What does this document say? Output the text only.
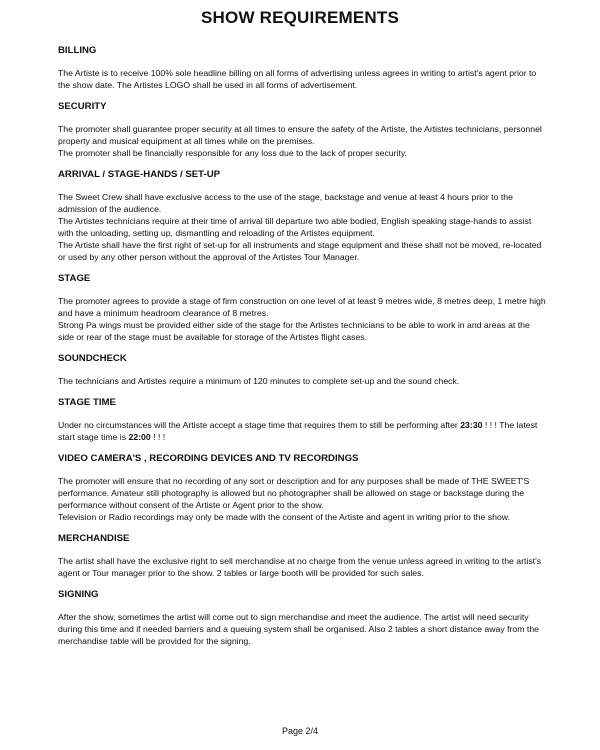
SHOW REQUIREMENTS
BILLING

The Artiste is to receive 100% sole headline billing on all forms of advertising unless agrees in writing to artist's agent prior to the show date. The Artistes LOGO shall be used in all forms of advertisement.

SECURITY

The promoter shall guarantee proper security at all times to ensure the safety of the Artiste, the Artistes technicians, personnel property and musical equipment at all times while on the premises.

The promoter shall be financially responsible for any loss due to the lack of proper security.

ARRIVAL / STAGE-HANDS / SET-UP

The Sweet Crew shall have exclusive access to the use of the stage, backstage and venue at least 4 hours prior to the admission of the audience.

The Artistes technicians require at their time of arrival till departure two able bodied, English speaking stage-hands to assist with the unloading, setting up, dismantling and reloading of the Artistes equipment.

The Artiste shall have the first right of set-up for all instruments and stage equipment and these shall not be moved, re-located or used by any other person without the approval of the Artistes Tour Manager.

STAGE

The promoter agrees to provide a stage of firm construction on one level of at least 9 metres wide, 8 metres deep, 1 metre high and have a minimum headroom clearance of 8 metres.

Strong Pa wings must be provided either side of the stage for the Artistes technicians to be able to work in and areas at the side or rear of the stage must be available for storage of the Artistes flight cases.

SOUNDCHECK

The technicians and Artistes require a minimum of 120 minutes to complete set-up and the sound check.

STAGE TIME

Under no circumstances will the Artiste accept a stage time that requires them to still be performing after 23:30 ! ! ! The latest start stage time is 22:00 ! ! !

VIDEO CAMERA'S , RECORDING DEVICES AND TV RECORDINGS

The promoter will ensure that no recording of any sort or description and for any purposes shall be made of THE SWEET'S performance. Amateur still photography is allowed but no photographer shall be allowed on stage or backstage during the performance without consent of the Artiste or Agent prior to the show.

Television or Radio recordings may only be made with the consent of the Artiste and agent in writing prior to the show.

MERCHANDISE

The artist shall have the exclusive right to sell merchandise at no charge from the venue unless agreed in writing to the artist's agent or Tour manager prior to the show. 2 tables or large booth will be provided for such sales.

SIGNING

After the show, sometimes the artist will come out to sign merchandise and meet the audience. The artist will need security during this time and if needed barriers and a queuing system shall be organised. Also 2 tables a short distance away from the merchandise table will be provided for the signing.

Page 2/4
